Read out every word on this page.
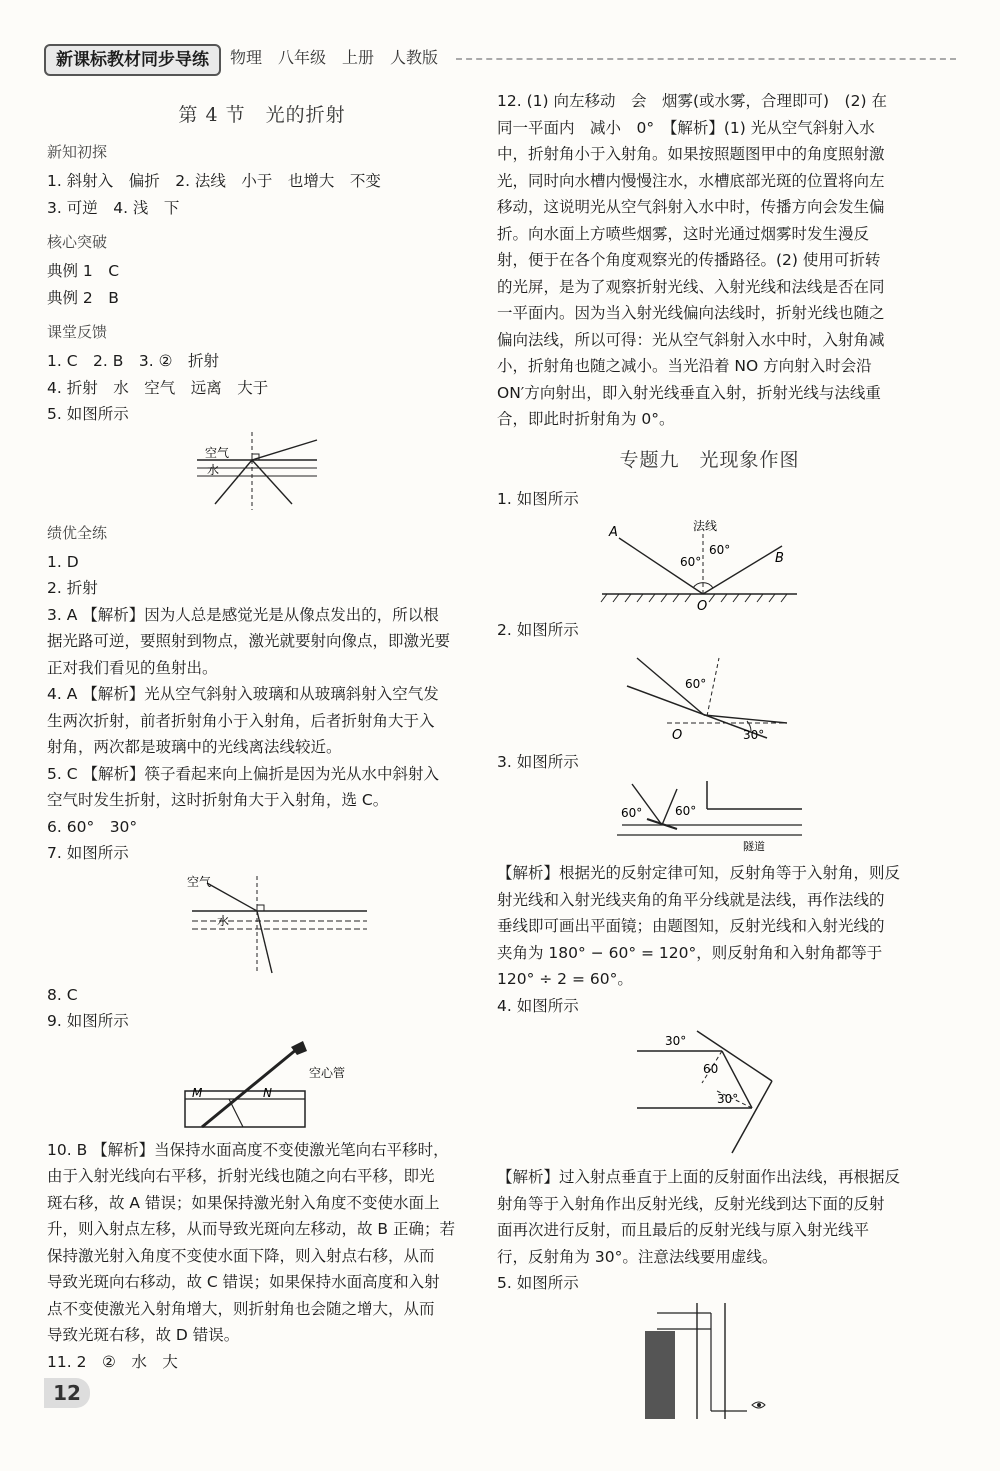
新课标教材同步导练	物理　八年级　上册　人教版
第 4 节　光的折射
新知初探

1. 斜射入　偏折　2. 法线　小于　也增大　不变

3. 可逆　4. 浅　下

核心突破

典例 1　C

典例 2　B

课堂反馈

1. C　2. B　3. ②　折射

4. 折射　水　空气　远离　大于

5. 如图所示

空气
水
绩优全练

1. D

2. 折射

3. A 【解析】因为人总是感觉光是从像点发出的，所以根

据光路可逆，要照射到物点，激光就要射向像点，即激光要

正对我们看见的鱼射出。

4. A 【解析】光从空气斜射入玻璃和从玻璃斜射入空气发

生两次折射，前者折射角小于入射角，后者折射角大于入

射角，两次都是玻璃中的光线离法线较近。

5. C 【解析】筷子看起来向上偏折是因为光从水中斜射入

空气时发生折射，这时折射角大于入射角，选 C。

6. 60°　30°

7. 如图所示

空气
水

8. C

9. 如图所示

空心管
M	N

10. B 【解析】当保持水面高度不变使激光笔向右平移时，

由于入射光线向右平移，折射光线也随之向右平移，即光

斑右移，故 A 错误；如果保持激光射入角度不变使水面上

升，则入射点左移，从而导致光斑向左移动，故 B 正确；若

保持激光射入角度不变使水面下降，则入射点右移，从而

导致光斑向右移动，故 C 错误；如果保持水面高度和入射

点不变使激光入射角增大，则折射角也会随之增大，从而

导致光斑右移，故 D 错误。

11. 2　②　水　大

12. (1) 向左移动　会　烟雾(或水雾，合理即可)　(2) 在

同一平面内　减小　0°　【解析】(1) 光从空气斜射入水

中，折射角小于入射角。如果按照题图甲中的角度照射激

光，同时向水槽内慢慢注水，水槽底部光斑的位置将向左

移动，这说明光从空气斜射入水中时，传播方向会发生偏

折。向水面上方喷些烟雾，这时光通过烟雾时发生漫反

射，便于在各个角度观察光的传播路径。(2) 使用可折转

的光屏，是为了观察折射光线、入射光线和法线是否在同

一平面内。因为当入射光线偏向法线时，折射光线也随之

偏向法线，所以可得：光从空气斜射入水中时，入射角减

小，折射角也随之减小。当光沿着 NO 方向射入时会沿

ON′方向射出，即入射光线垂直入射，折射光线与法线重

合，即此时折射角为 0°。

专题九　光现象作图

1. 如图所示

法线
A
B
O
60°
60°

2. 如图所示

60°
30°
O

3. 如图所示

60°	60°
隧道

【解析】根据光的反射定律可知，反射角等于入射角，则反

射光线和入射光线夹角的角平分线就是法线，再作法线的

垂线即可画出平面镜；由题图知，反射光线和入射光线的

夹角为 180° − 60° = 120°，则反射角和入射角都等于

120° ÷ 2 = 60°。

4. 如图所示

30°
60
30°

【解析】过入射点垂直于上面的反射面作出法线，再根据反

射角等于入射角作出反射光线，反射光线到达下面的反射

面再次进行反射，而且最后的反射光线与原入射光线平

行，反射角为 30°。注意法线要用虚线。

5. 如图所示

12
